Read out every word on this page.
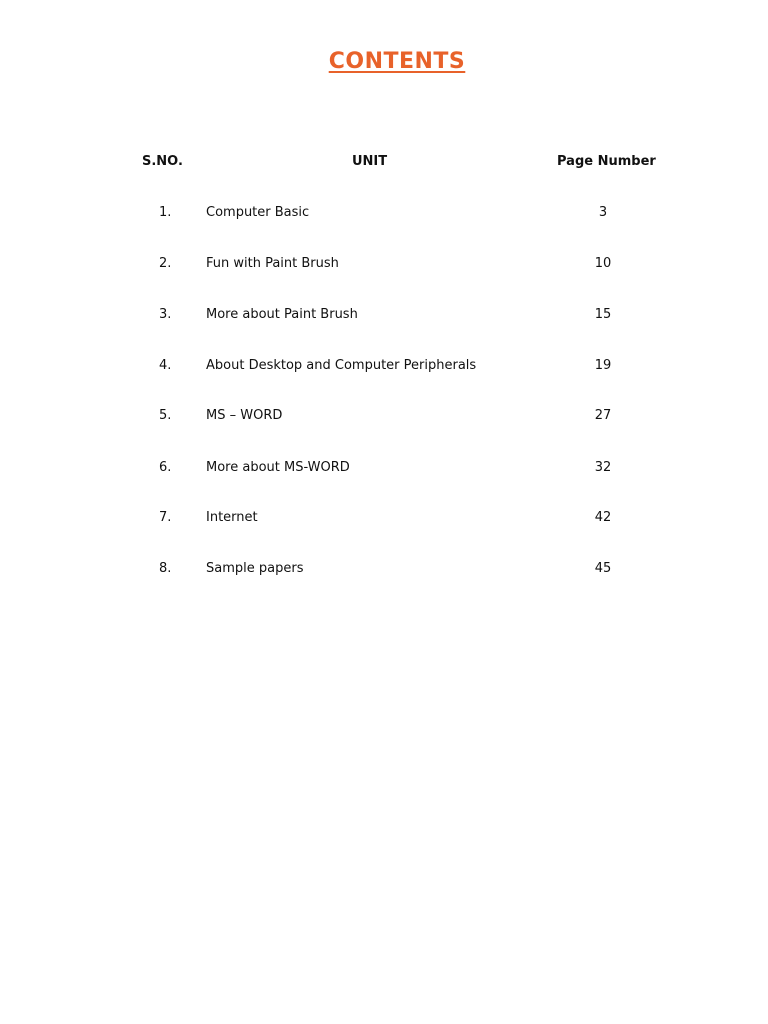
CONTENTS
S.NO.	UNIT	Page Number
1.	Computer Basic	3
2.	Fun with Paint Brush	10
3.	More about Paint Brush	15
4.	About Desktop and Computer Peripherals	19
5.	MS – WORD	27
6.	More about MS-WORD	32
7.	Internet	42
8.	Sample papers	45
